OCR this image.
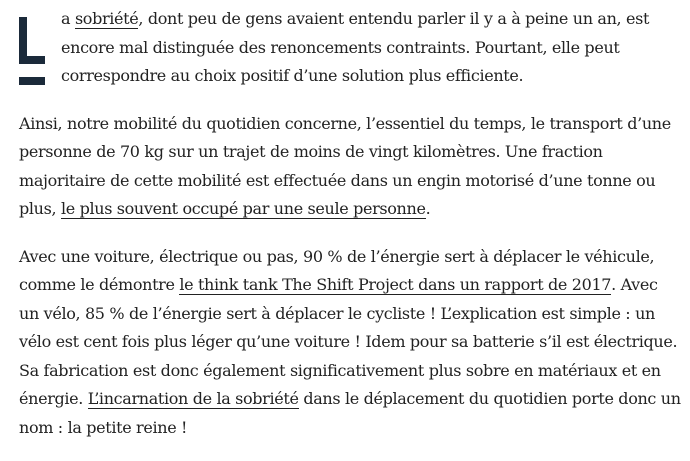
a sobriété, dont peu de gens avaient entendu parler il y a à peine un an, est encore mal distinguée des renoncements contraints. Pourtant, elle peut correspondre au choix positif d’une solution plus efficiente.

Ainsi, notre mobilité du quotidien concerne, l’essentiel du temps, le transport d’une personne de 70 kg sur un trajet de moins de vingt kilomètres. Une fraction majoritaire de cette mobilité est effectuée dans un engin motorisé d’une tonne ou plus, le plus souvent occupé par une seule personne.

Avec une voiture, électrique ou pas, 90 % de l’énergie sert à déplacer le véhicule, comme le démontre le think tank The Shift Project dans un rapport de 2017. Avec un vélo, 85 % de l’énergie sert à déplacer le cycliste ! L’explication est simple : un vélo est cent fois plus léger qu’une voiture ! Idem pour sa batterie s’il est électrique. Sa fabrication est donc également significativement plus sobre en matériaux et en énergie. L’incarnation de la sobriété dans le déplacement du quotidien porte donc un nom : la petite reine !
